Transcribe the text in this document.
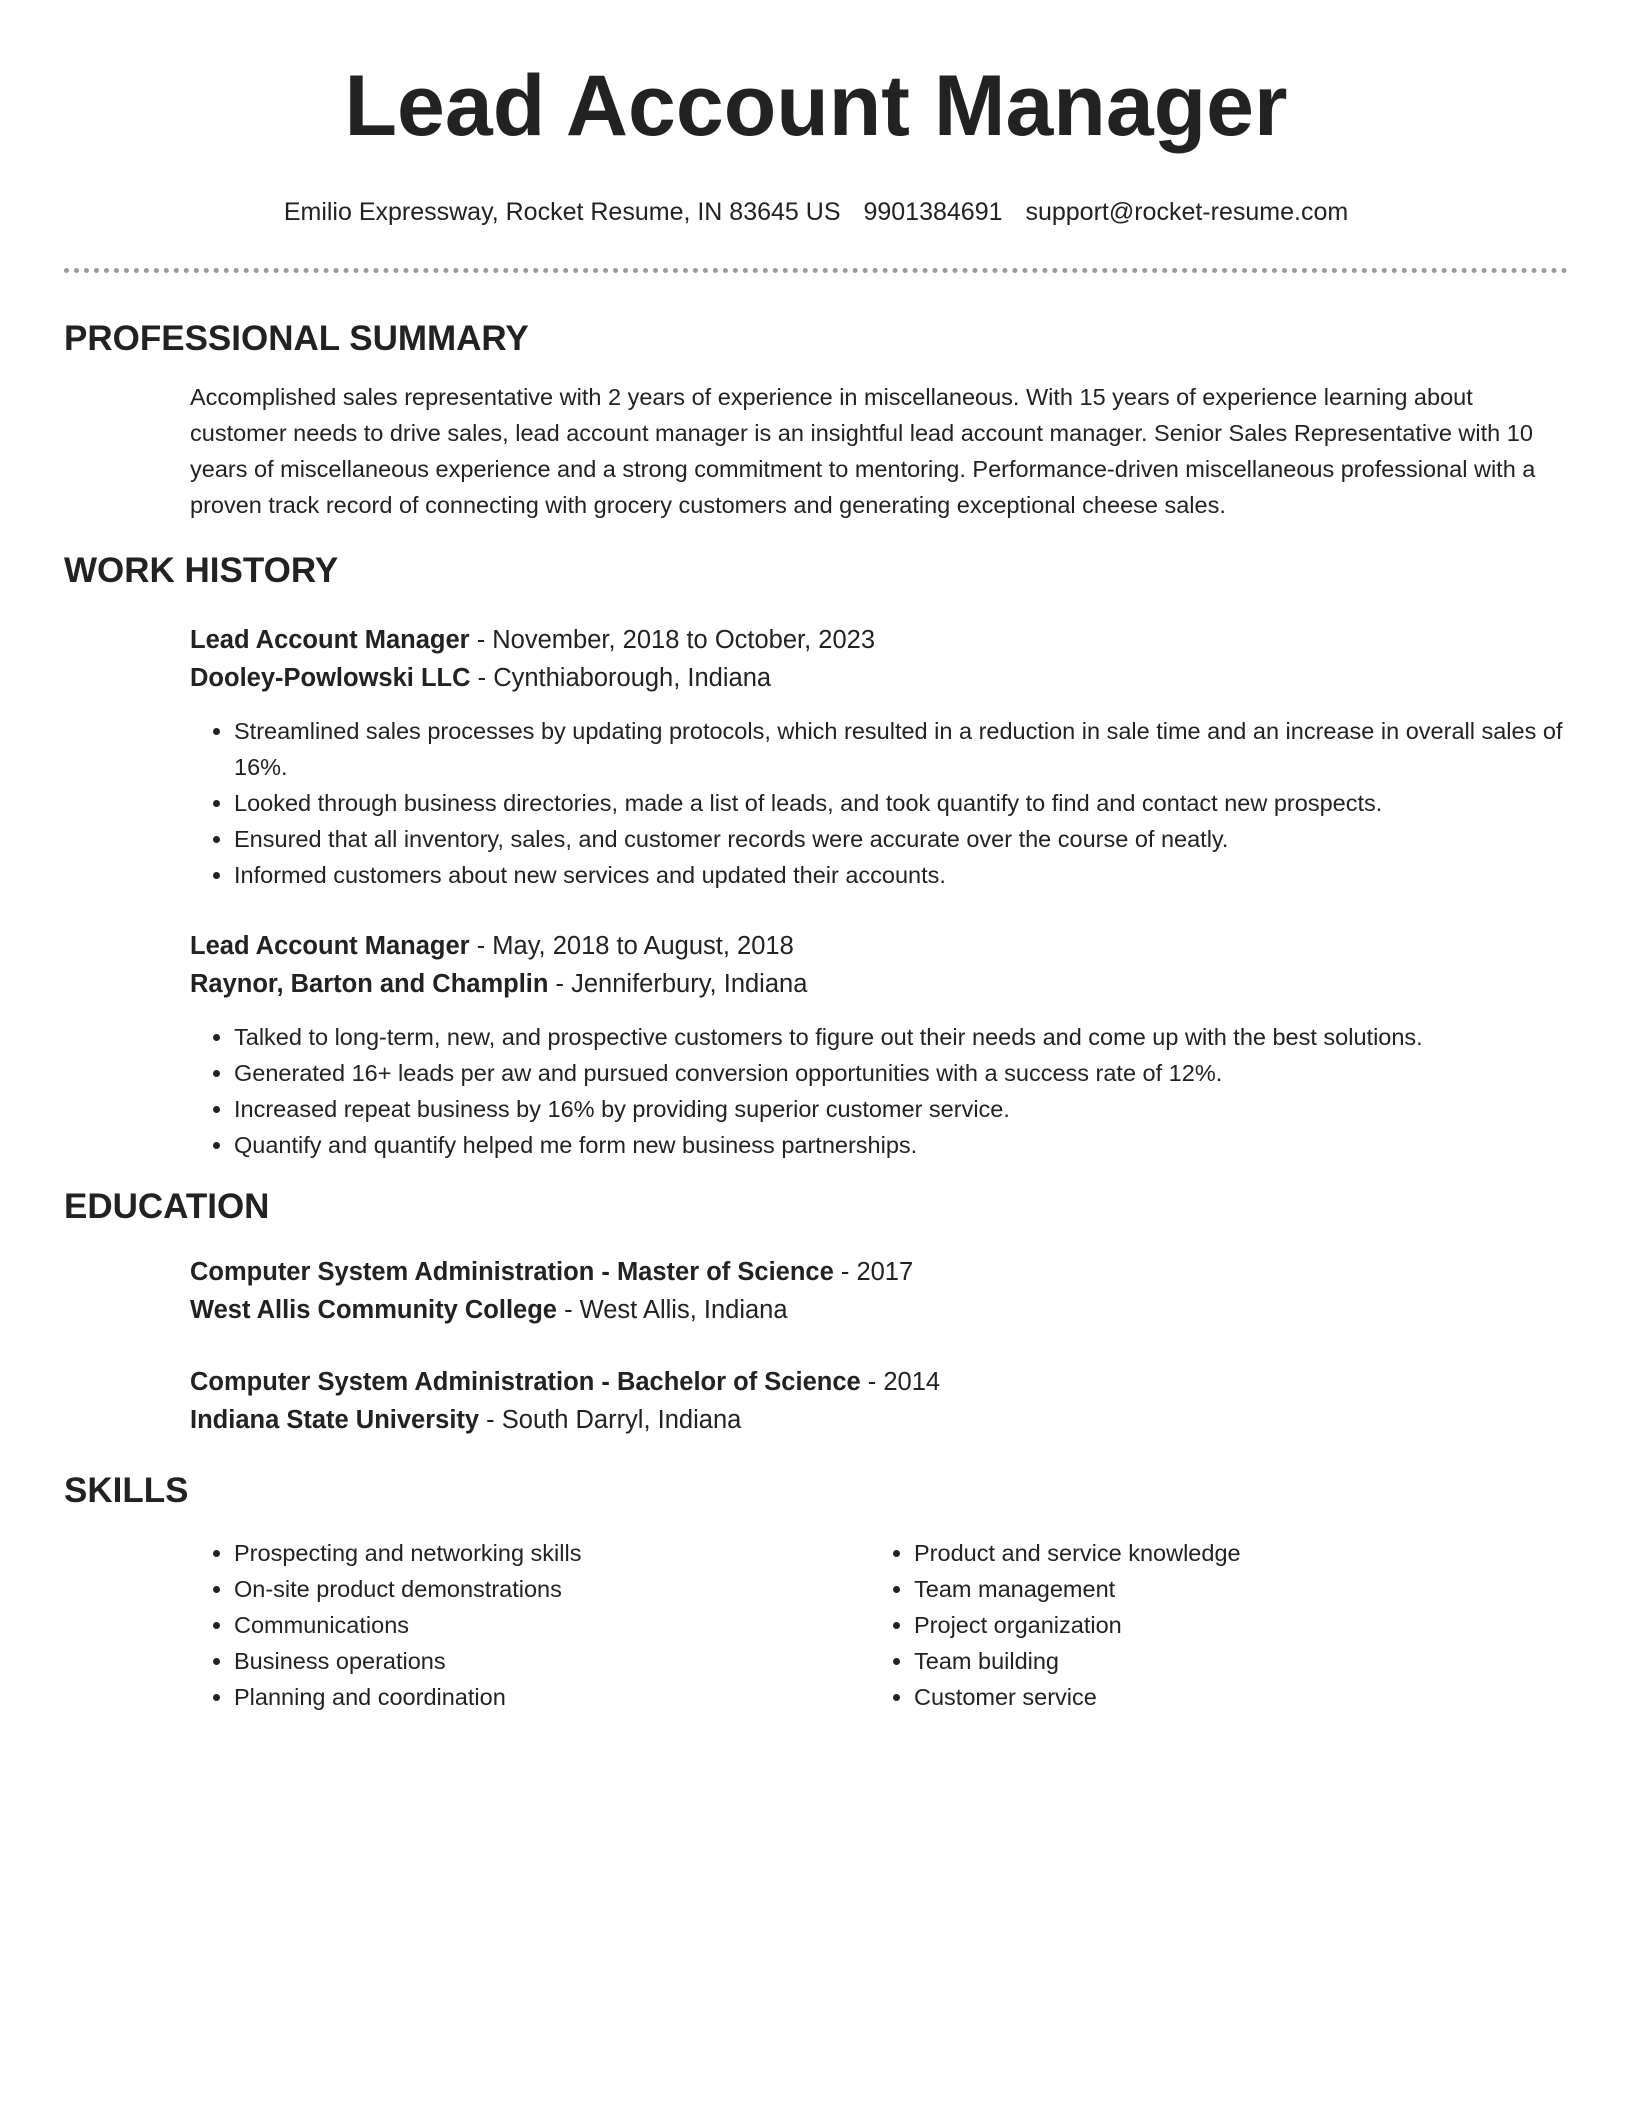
Lead Account Manager
Emilio Expressway, Rocket Resume, IN 83645 US 9901384691 support@rocket-resume.com
PROFESSIONAL SUMMARY
Accomplished sales representative with 2 years of experience in miscellaneous. With 15 years of experience learning about customer needs to drive sales, lead account manager is an insightful lead account manager. Senior Sales Representative with 10 years of miscellaneous experience and a strong commitment to mentoring. Performance-driven miscellaneous professional with a proven track record of connecting with grocery customers and generating exceptional cheese sales.
WORK HISTORY
Lead Account Manager - November, 2018 to October, 2023
Dooley-Powlowski LLC - Cynthiaborough, Indiana
• Streamlined sales processes by updating protocols, which resulted in a reduction in sale time and an increase in overall sales of 16%.
• Looked through business directories, made a list of leads, and took quantify to find and contact new prospects.
• Ensured that all inventory, sales, and customer records were accurate over the course of neatly.
• Informed customers about new services and updated their accounts.
Lead Account Manager - May, 2018 to August, 2018
Raynor, Barton and Champlin - Jenniferbury, Indiana
• Talked to long-term, new, and prospective customers to figure out their needs and come up with the best solutions.
• Generated 16+ leads per aw and pursued conversion opportunities with a success rate of 12%.
• Increased repeat business by 16% by providing superior customer service.
• Quantify and quantify helped me form new business partnerships.
EDUCATION
Computer System Administration - Master of Science - 2017
West Allis Community College - West Allis, Indiana
Computer System Administration - Bachelor of Science - 2014
Indiana State University - South Darryl, Indiana
SKILLS
• Prospecting and networking skills
• On-site product demonstrations
• Communications
• Business operations
• Planning and coordination
• Product and service knowledge
• Team management
• Project organization
• Team building
• Customer service
